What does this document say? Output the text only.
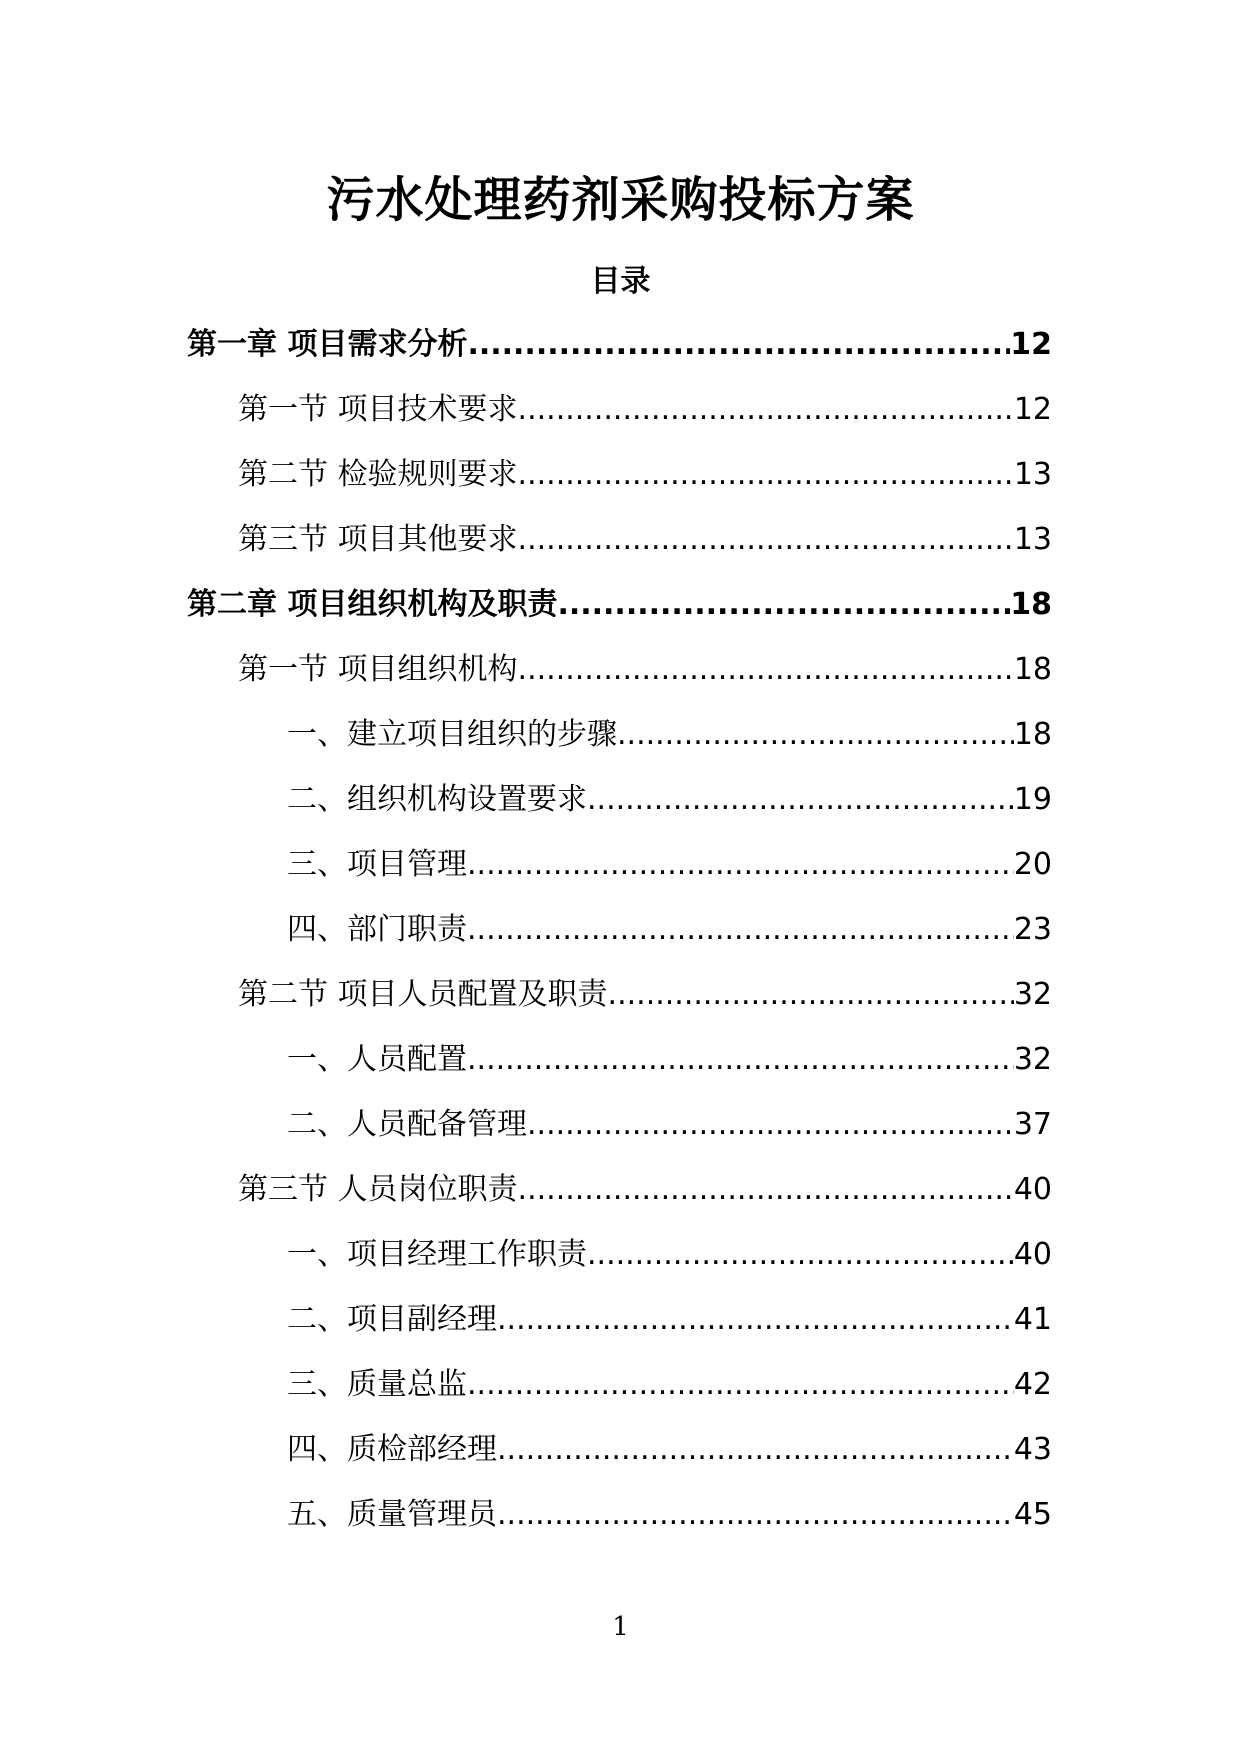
污水处理药剂采购投标方案
目录
第一章 项目需求分析 .....	12
第一节 项目技术要求 .....	12
第二节 检验规则要求 .....	13
第三节 项目其他要求 .....	13
第二章 项目组织机构及职责 .....	18
第一节 项目组织机构 .....	18
一、建立项目组织的步骤 .....	18
二、组织机构设置要求 .....	19
三、项目管理 .....	20
四、部门职责 .....	23
第二节 项目人员配置及职责 .....	32
一、人员配置 .....	32
二、人员配备管理 .....	37
第三节 人员岗位职责 .....	40
一、项目经理工作职责 .....	40
二、项目副经理 .....	41
三、质量总监 .....	42
四、质检部经理 .....	43
五、质量管理员 .....	45
1
